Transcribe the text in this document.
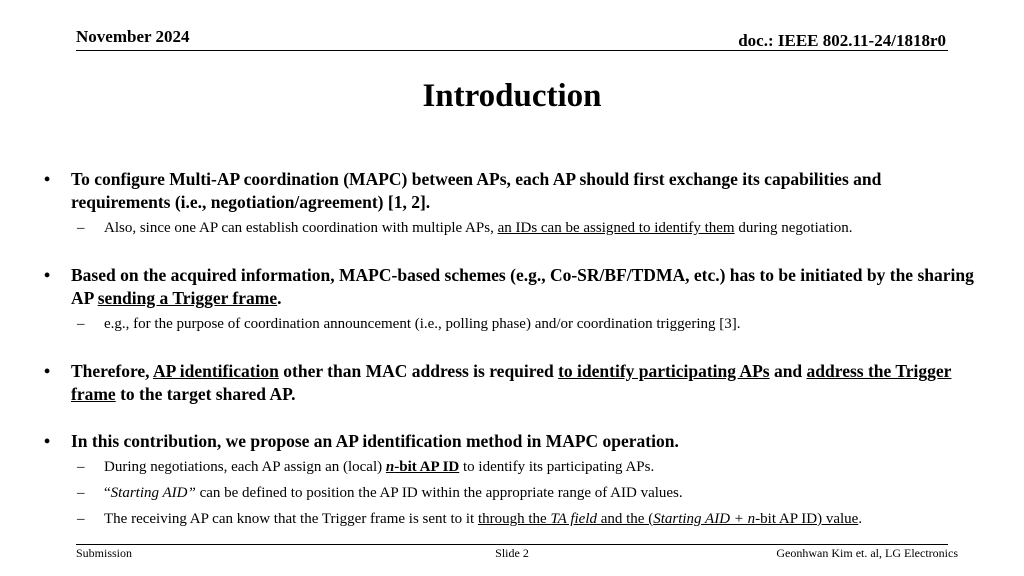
November 2024	doc.: IEEE 802.11-24/1818r0
Introduction
• To configure Multi-AP coordination (MAPC) between APs, each AP should first exchange its capabilities and requirements (i.e., negotiation/agreement) [1, 2].
– Also, since one AP can establish coordination with multiple APs, an IDs can be assigned to identify them during negotiation.
• Based on the acquired information, MAPC-based schemes (e.g., Co-SR/BF/TDMA, etc.) has to be initiated by the sharing AP sending a Trigger frame.
– e.g., for the purpose of coordination announcement (i.e., polling phase) and/or coordination triggering [3].
• Therefore, AP identification other than MAC address is required to identify participating APs and address the Trigger frame to the target shared AP.
• In this contribution, we propose an AP identification method in MAPC operation.
– During negotiations, each AP assign an (local) n-bit AP ID to identify its participating APs.
– “Starting AID” can be defined to position the AP ID within the appropriate range of AID values.
– The receiving AP can know that the Trigger frame is sent to it through the TA field and the (Starting AID + n-bit AP ID) value.
Submission	Slide 2	Geonhwan Kim et. al, LG Electronics
